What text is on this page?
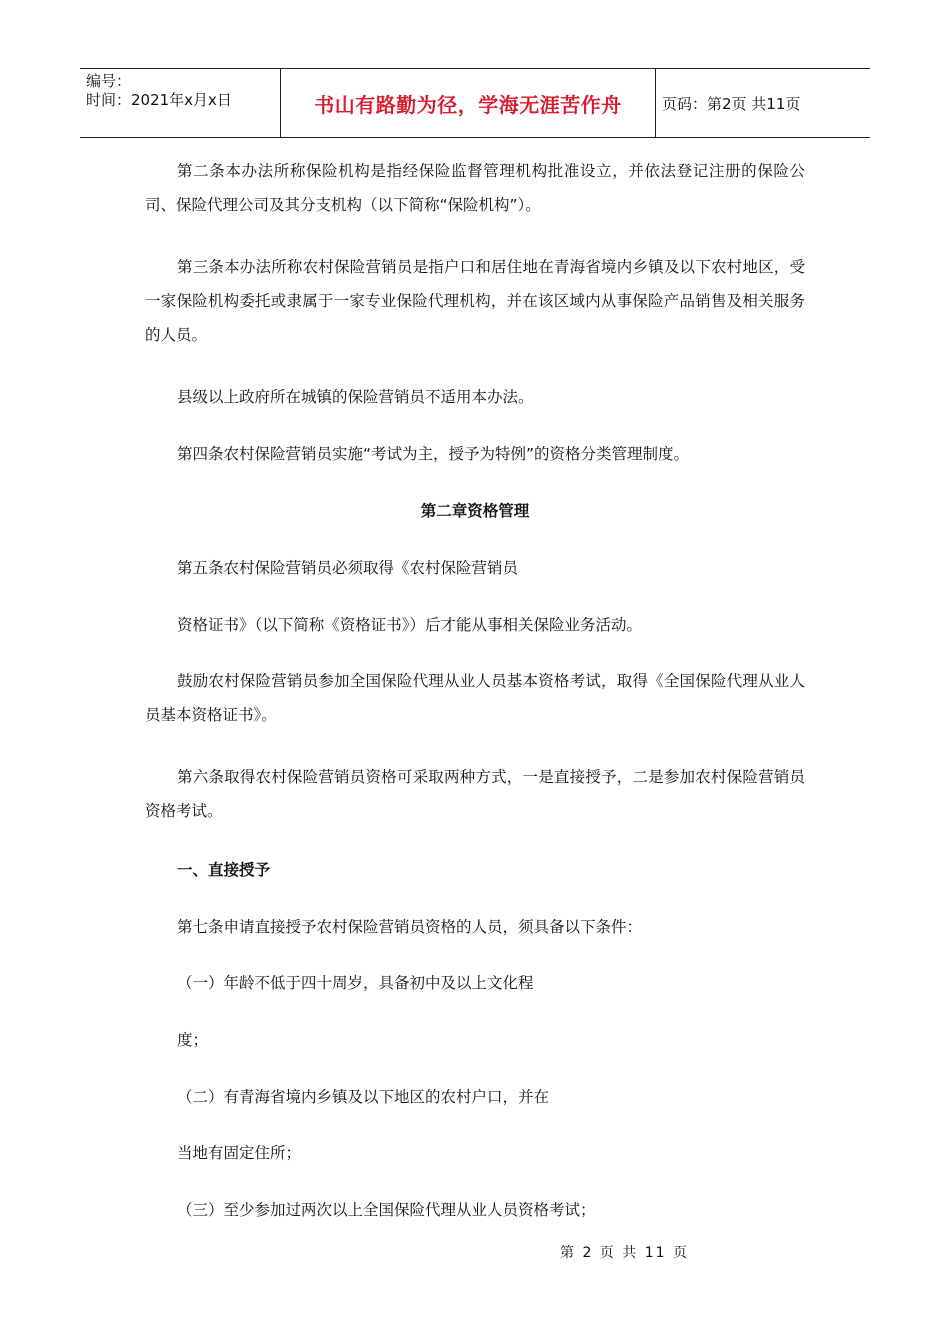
编号：
时间：2021年x月x日	书山有路勤为径，学海无涯苦作舟	页码：第2页 共11页

第二条本办法所称保险机构是指经保险监督管理机构批准设立，并依法登记注册的保险公司、保险代理公司及其分支机构（以下简称“保险机构”）。

第三条本办法所称农村保险营销员是指户口和居住地在青海省境内乡镇及以下农村地区，受一家保险机构委托或隶属于一家专业保险代理机构，并在该区域内从事保险产品销售及相关服务的人员。

县级以上政府所在城镇的保险营销员不适用本办法。

第四条农村保险营销员实施“考试为主，授予为特例”的资格分类管理制度。

第二章资格管理

第五条农村保险营销员必须取得《农村保险营销员

资格证书》（以下简称《资格证书》）后才能从事相关保险业务活动。

鼓励农村保险营销员参加全国保险代理从业人员基本资格考试，取得《全国保险代理从业人员基本资格证书》。

第六条取得农村保险营销员资格可采取两种方式，一是直接授予，二是参加农村保险营销员资格考试。

一、直接授予

第七条申请直接授予农村保险营销员资格的人员，须具备以下条件：

（一）年龄不低于四十周岁，具备初中及以上文化程

度；

（二）有青海省境内乡镇及以下地区的农村户口，并在

当地有固定住所；

（三）至少参加过两次以上全国保险代理从业人员资格考试；

第 2 页 共 11 页
